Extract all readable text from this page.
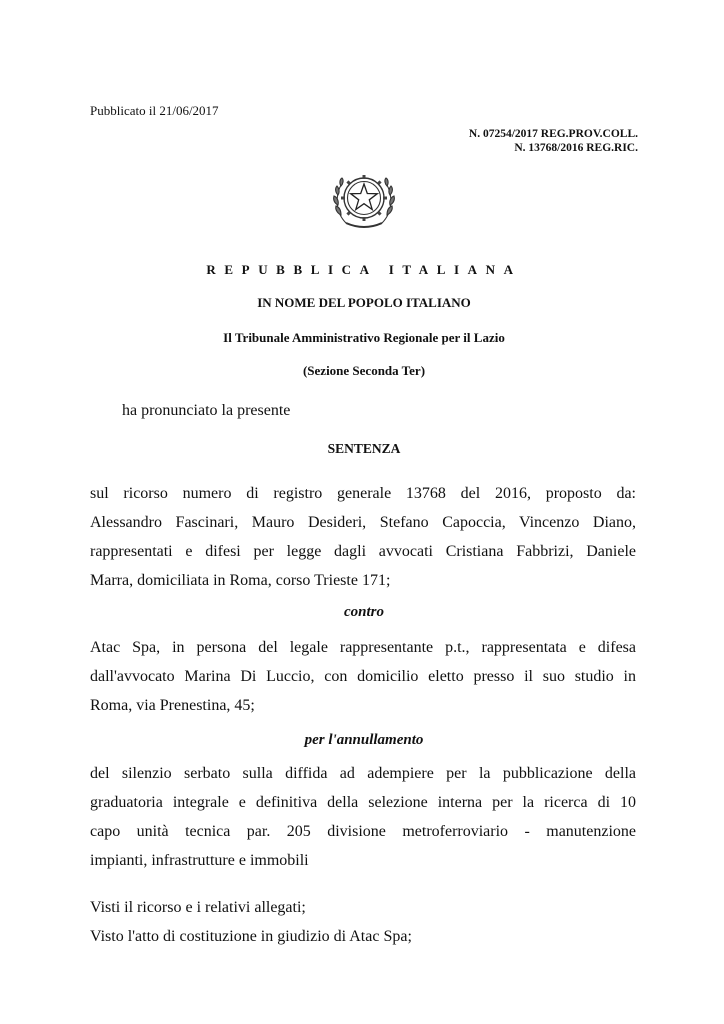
Pubblicato il 21/06/2017
N. 07254/2017 REG.PROV.COLL.
N. 13768/2016 REG.RIC.
REPUBBLICA ITALIANA
IN NOME DEL POPOLO ITALIANO
Il Tribunale Amministrativo Regionale per il Lazio
(Sezione Seconda Ter)
ha pronunciato la presente
SENTENZA
sul ricorso numero di registro generale 13768 del 2016, proposto da:
Alessandro Fascinari, Mauro Desideri, Stefano Capoccia, Vincenzo Diano,
rappresentati e difesi per legge dagli avvocati Cristiana Fabbrizi, Daniele
Marra, domiciliata in Roma, corso Trieste 171;
contro
Atac Spa, in persona del legale rappresentante p.t., rappresentata e difesa
dall'avvocato Marina Di Luccio, con domicilio eletto presso il suo studio in
Roma, via Prenestina, 45;
per l'annullamento
del silenzio serbato sulla diffida ad adempiere per la pubblicazione della
graduatoria integrale e definitiva della selezione interna per la ricerca di 10
capo unità tecnica par. 205 divisione metroferroviario - manutenzione
impianti, infrastrutture e immobili
Visti il ricorso e i relativi allegati;
Visto l'atto di costituzione in giudizio di Atac Spa;
